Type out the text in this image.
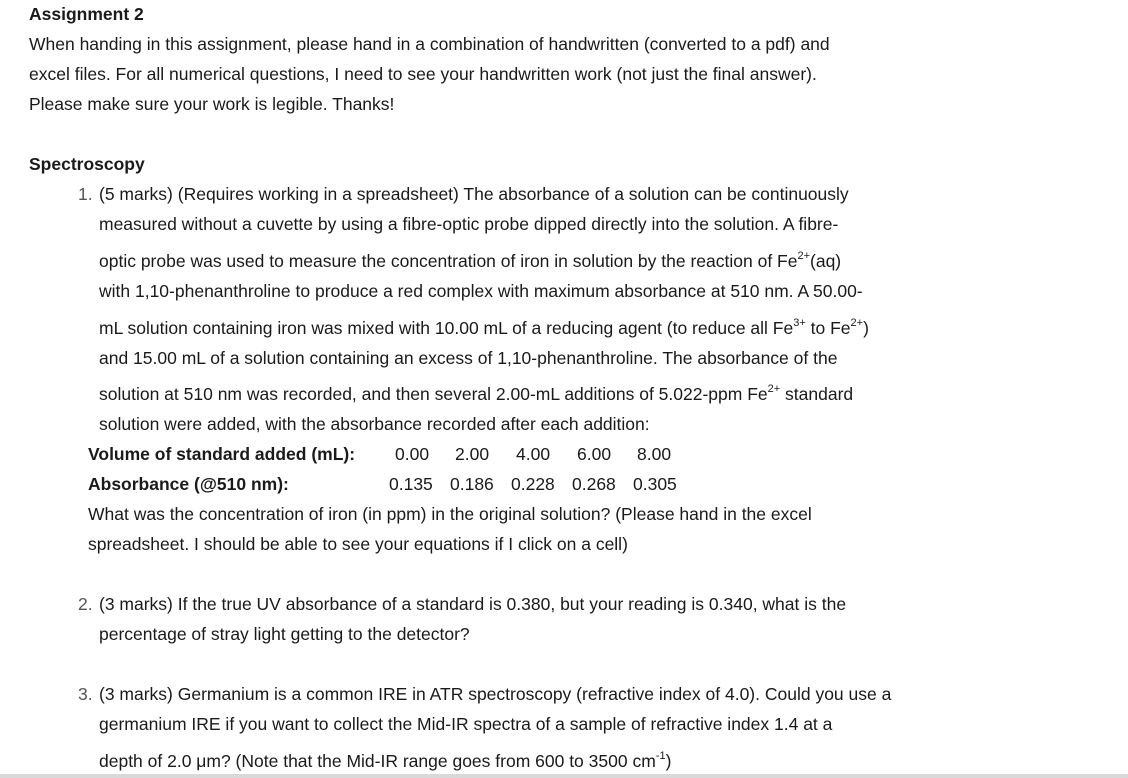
Assignment 2
When handing in this assignment, please hand in a combination of handwritten (converted to a pdf) and
excel files. For all numerical questions, I need to see your handwritten work (not just the final answer).
Please make sure your work is legible. Thanks!
Spectroscopy
1. (5 marks) (Requires working in a spreadsheet) The absorbance of a solution can be continuously
measured without a cuvette by using a fibre-optic probe dipped directly into the solution. A fibre-
optic probe was used to measure the concentration of iron in solution by the reaction of $Fe^{2+}(aq)$
with 1,10-phenanthroline to produce a red complex with maximum absorbance at 510 nm. A 50.00-
mL solution containing iron was mixed with 10.00 mL of a reducing agent (to reduce all $Fe^{3+}$ to $Fe^{2+}$)
and 15.00 mL of a solution containing an excess of 1,10-phenanthroline. The absorbance of the
solution at 510 nm was recorded, and then several 2.00-mL additions of 5.022-ppm $Fe^{2+}$ standard
solution were added, with the absorbance recorded after each addition:
Volume of standard added (mL): 0.00 2.00 4.00 6.00 8.00
Absorbance (@510 nm):	0.135 0.186 0.228 0.268 0.305
What was the concentration of iron (in ppm) in the original solution? (Please hand in the excel
spreadsheet. I should be able to see your equations if I click on a cell)
2. (3 marks) If the true UV absorbance of a standard is 0.380, but your reading is 0.340, what is the
percentage of stray light getting to the detector?
3. (3 marks) Germanium is a common IRE in ATR spectroscopy (refractive index of 4.0). Could you use a
germanium IRE if you want to collect the Mid-IR spectra of a sample of refractive index 1.4 at a
depth of 2.0 μm? (Note that the Mid-IR range goes from 600 to 3500 $cm^{-1}$)
